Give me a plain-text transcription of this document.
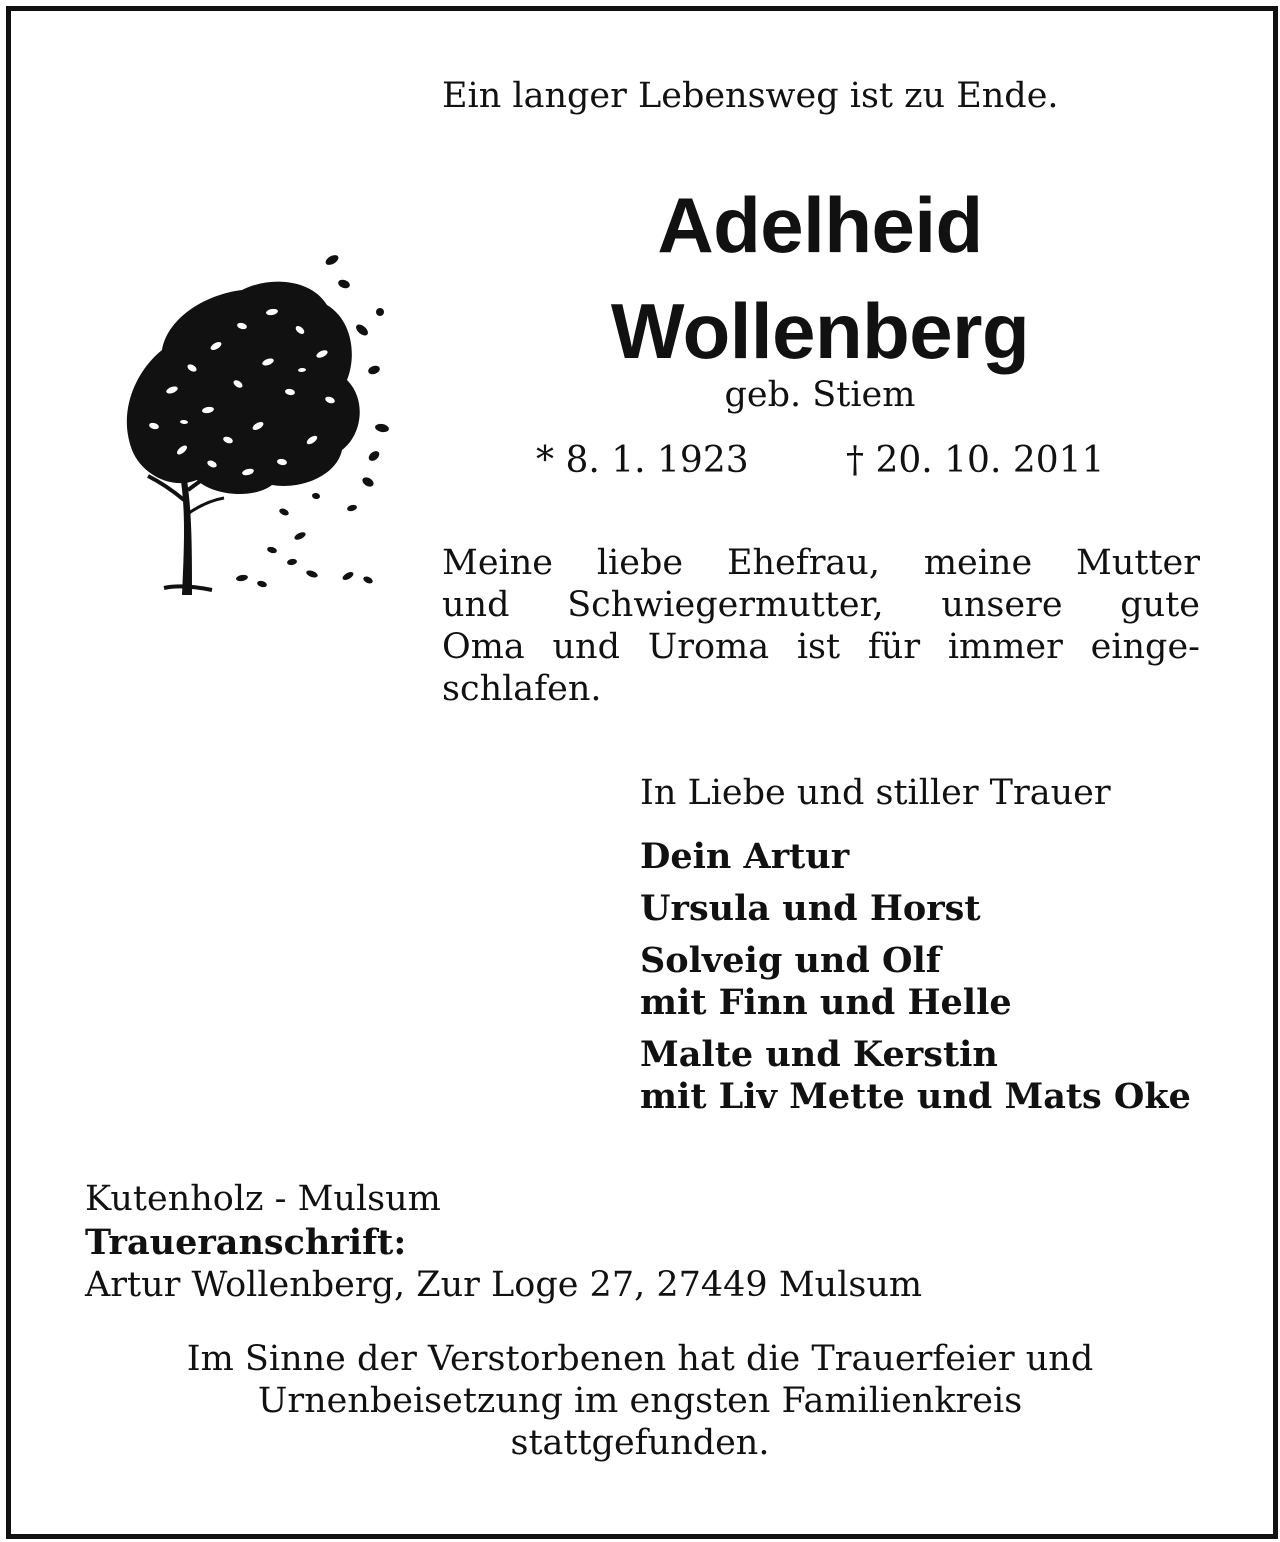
Ein langer Lebensweg ist zu Ende.
Adelheid
Wollenberg
geb. Stiem
* 8. 1. 1923	† 20. 10. 2011
Meine liebe Ehefrau, meine Mutter
und Schwiegermutter, unsere gute
Oma und Uroma ist für immer einge-
schlafen.
In Liebe und stiller Trauer
Dein Artur
Ursula und Horst
Solveig und Olf
mit Finn und Helle
Malte und Kerstin
mit Liv Mette und Mats Oke
Kutenholz - Mulsum
Traueranschrift:
Artur Wollenberg, Zur Loge 27, 27449 Mulsum
Im Sinne der Verstorbenen hat die Trauerfeier und
Urnenbeisetzung im engsten Familienkreis
stattgefunden.
